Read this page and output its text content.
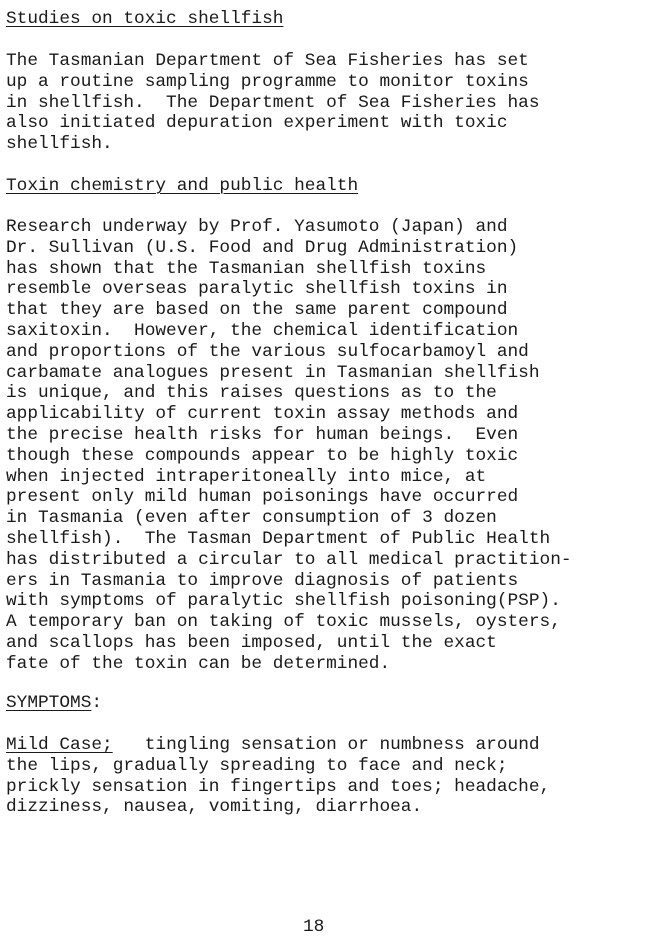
Studies on toxic shellfish
The Tasmanian Department of Sea Fisheries has set
up a routine sampling programme to monitor toxins
in shellfish.  The Department of Sea Fisheries has
also initiated depuration experiment with toxic
shellfish.
Toxin chemistry and public health
Research underway by Prof. Yasumoto (Japan) and
Dr. Sullivan (U.S. Food and Drug Administration)
has shown that the Tasmanian shellfish toxins
resemble overseas paralytic shellfish toxins in
that they are based on the same parent compound
saxitoxin.  However, the chemical identification
and proportions of the various sulfocarbamoyl and
carbamate analogues present in Tasmanian shellfish
is unique, and this raises questions as to the
applicability of current toxin assay methods and
the precise health risks for human beings.  Even
though these compounds appear to be highly toxic
when injected intraperitoneally into mice, at
present only mild human poisonings have occurred
in Tasmania (even after consumption of 3 dozen
shellfish).  The Tasman Department of Public Health
has distributed a circular to all medical practition-
ers in Tasmania to improve diagnosis of patients
with symptoms of paralytic shellfish poisoning(PSP).
A temporary ban on taking of toxic mussels, oysters,
and scallops has been imposed, until the exact
fate of the toxin can be determined.
SYMPTOMS:
Mild Case;   tingling sensation or numbness around
the lips, gradually spreading to face and neck;
prickly sensation in fingertips and toes; headache,
dizziness, nausea, vomiting, diarrhoea.
18
